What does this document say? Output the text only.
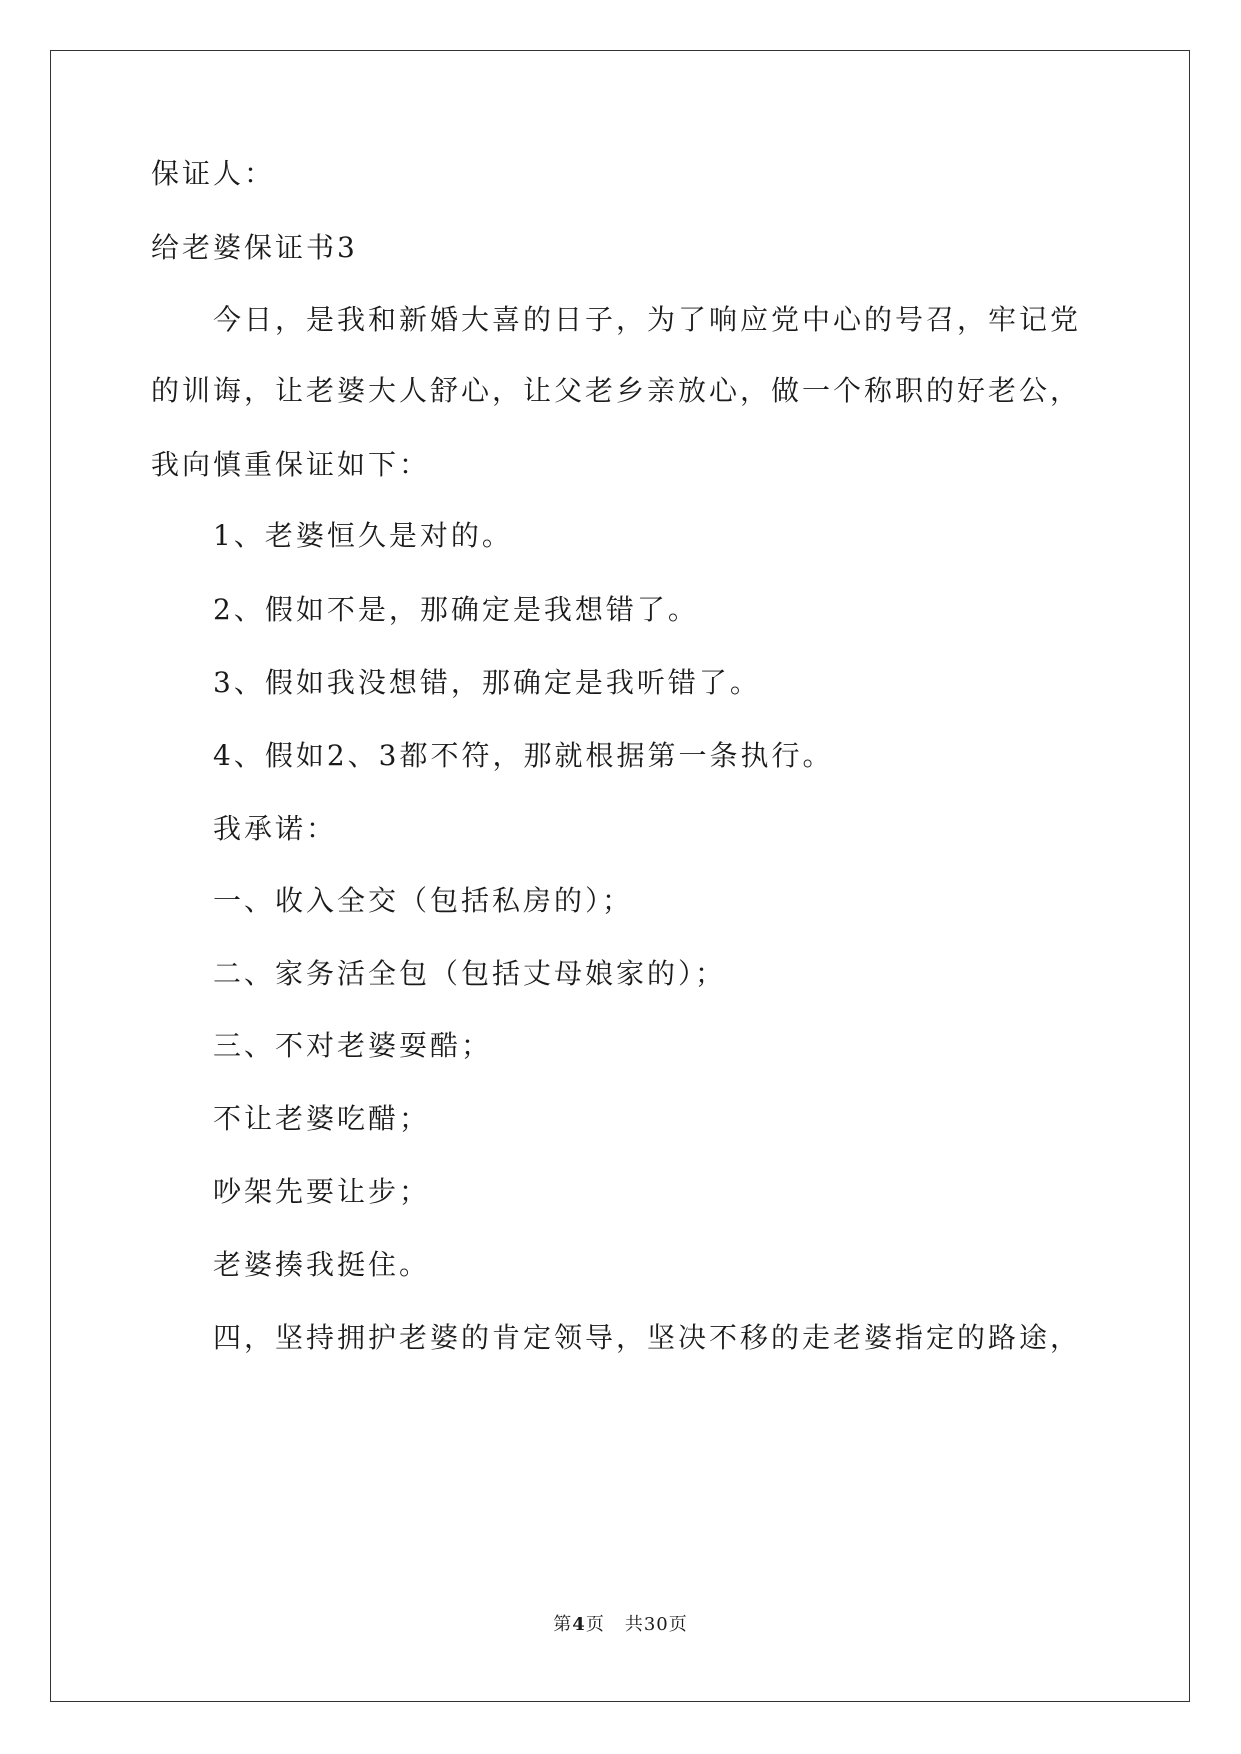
保证人：
给老婆保证书3
今日，是我和新婚大喜的日子，为了响应党中心的号召，牢记党
的训诲，让老婆大人舒心，让父老乡亲放心，做一个称职的好老公，
我向慎重保证如下：
1、老婆恒久是对的。
2、假如不是，那确定是我想错了。
3、假如我没想错，那确定是我听错了。
4、假如2、3都不符，那就根据第一条执行。
我承诺：
一、收入全交（包括私房的）；
二、家务活全包（包括丈母娘家的）；
三、不对老婆耍酷；
不让老婆吃醋；
吵架先要让步；
老婆揍我挺住。
四，坚持拥护老婆的肯定领导，坚决不移的走老婆指定的路途，
第4页 共30页
